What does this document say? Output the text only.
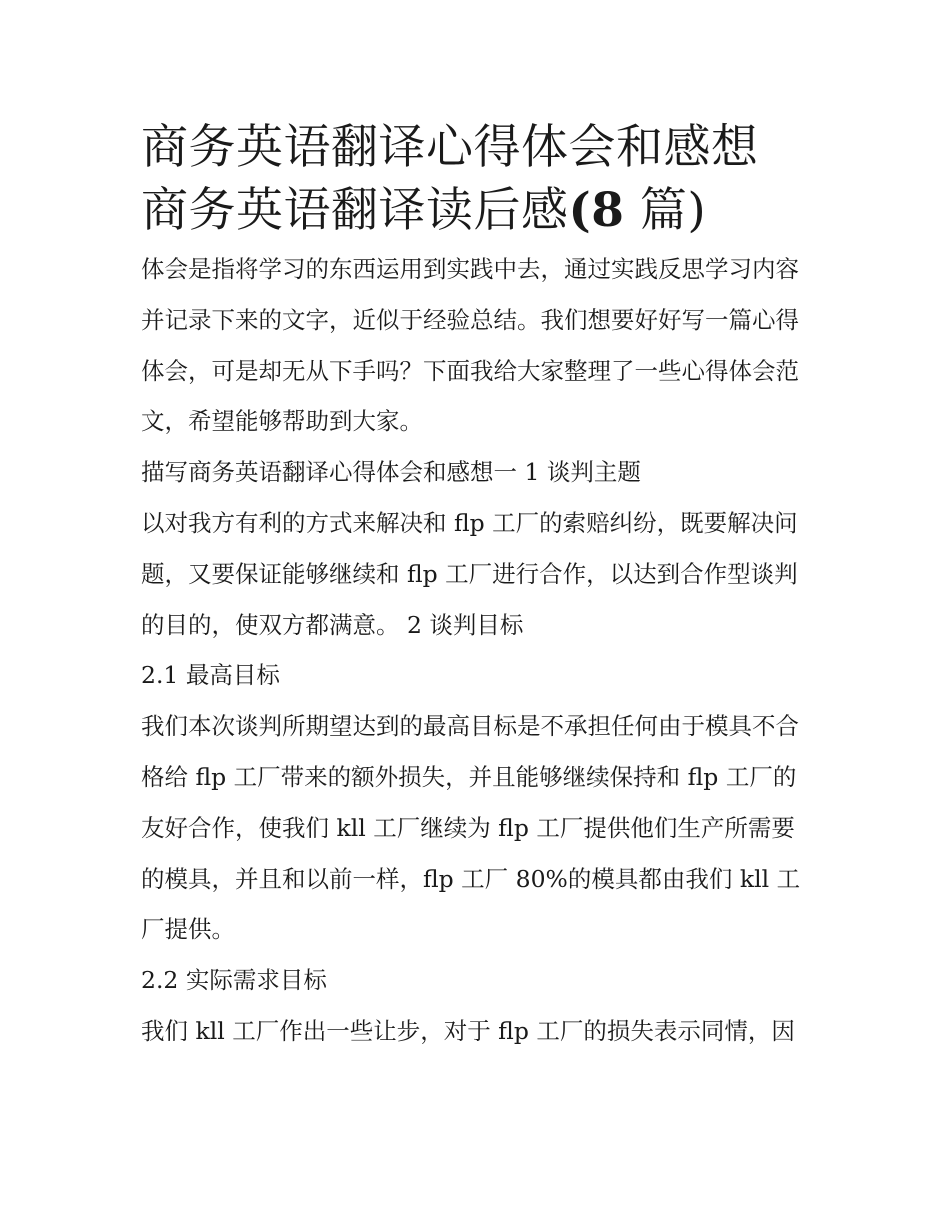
商务英语翻译心得体会和感想
商务英语翻译读后感(8 篇)

体会是指将学习的东西运用到实践中去，通过实践反思学习内容并记录下来的文字，近似于经验总结。我们想要好好写一篇心得体会，可是却无从下手吗？下面我给大家整理了一些心得体会范文，希望能够帮助到大家。

描写商务英语翻译心得体会和感想一 1 谈判主题

以对我方有利的方式来解决和 flp 工厂的索赔纠纷，既要解决问题，又要保证能够继续和 flp 工厂进行合作，以达到合作型谈判的目的，使双方都满意。 2 谈判目标

2.1 最高目标

我们本次谈判所期望达到的最高目标是不承担任何由于模具不合格给 flp 工厂带来的额外损失，并且能够继续保持和 flp 工厂的友好合作，使我们 kll 工厂继续为 flp 工厂提供他们生产所需要的模具，并且和以前一样，flp 工厂 80%的模具都由我们 kll 工厂提供。

2.2 实际需求目标

我们 kll 工厂作出一些让步，对于 flp 工厂的损失表示同情，因
